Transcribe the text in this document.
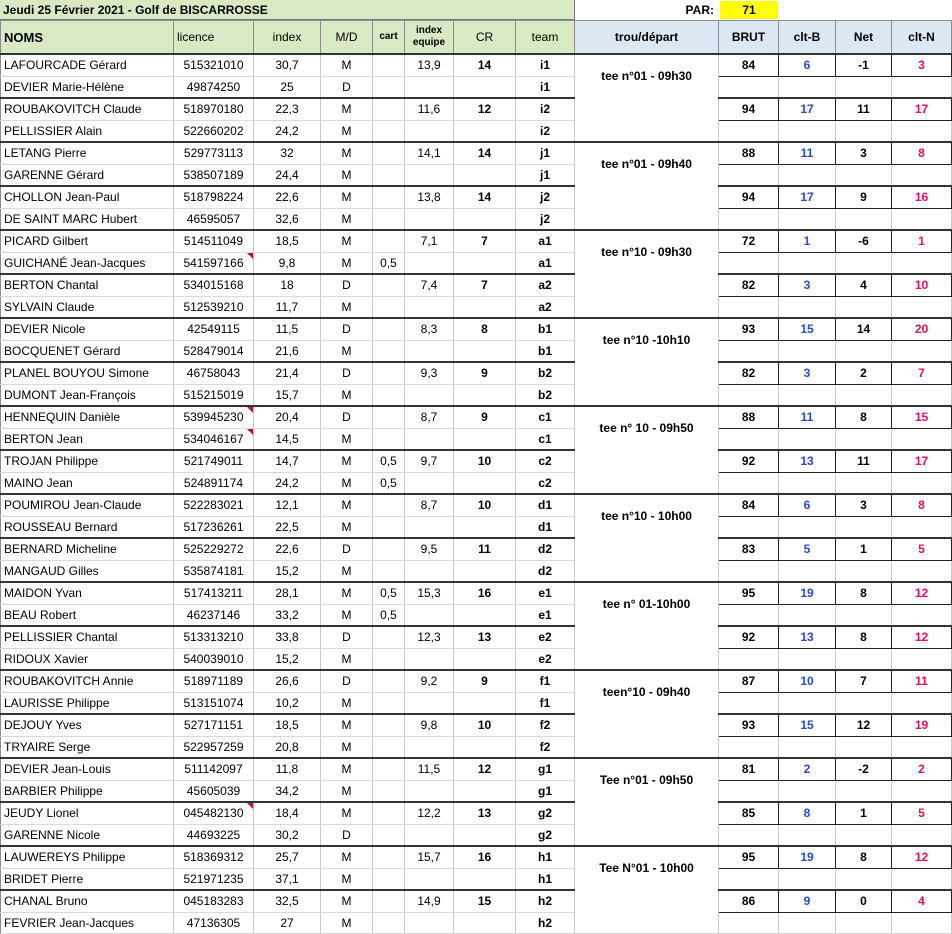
Jeudi 25 Février 2021 - Golf de BISCARROSSE	PAR:	71
NOMS	licence	index	M/D	cart	index equipe	CR	team	trou/départ	BRUT	clt-B	Net	clt-N
LAFOURCADE Gérard	515321010	30,7	M		13,9	14	i1	tee n°01 - 09h30	84	6	-1	3
DEVIER Marie-Hélène	49874250	25	D				i1					
ROUBAKOVITCH Claude	518970180	22,3	M		11,6	12	i2		94	17	11	17
PELLISSIER Alain	522660202	24,2	M				i2					
LETANG Pierre	529773113	32	M		14,1	14	j1	tee n°01 - 09h40	88	11	3	8
GARENNE Gérard	538507189	24,4	M				j1					
CHOLLON Jean-Paul	518798224	22,6	M		13,8	14	j2		94	17	9	16
DE SAINT MARC Hubert	46595057	32,6	M				j2					
PICARD Gilbert	514511049	18,5	M		7,1	7	a1	tee n°10 - 09h30	72	1	-6	1
GUICHANÉ Jean-Jacques	541597166	9,8	M	0,5			a1					
BERTON Chantal	534015168	18	D		7,4	7	a2		82	3	4	10
SYLVAIN Claude	512539210	11,7	M				a2					
DEVIER Nicole	42549115	11,5	D		8,3	8	b1	tee n°10 -10h10	93	15	14	20
BOCQUENET Gérard	528479014	21,6	M				b1					
PLANEL BOUYOU Simone	46758043	21,4	D		9,3	9	b2		82	3	2	7
DUMONT Jean-François	515215019	15,7	M				b2					
HENNEQUIN Danièle	539945230	20,4	D		8,7	9	c1	tee n° 10 - 09h50	88	11	8	15
BERTON Jean	534046167	14,5	M				c1					
TROJAN Philippe	521749011	14,7	M	0,5	9,7	10	c2		92	13	11	17
MAINO Jean	524891174	24,2	M	0,5			c2					
POUMIROU Jean-Claude	522283021	12,1	M		8,7	10	d1	tee n°10 - 10h00	84	6	3	8
ROUSSEAU Bernard	517236261	22,5	M				d1					
BERNARD Micheline	525229272	22,6	D		9,5	11	d2		83	5	1	5
MANGAUD Gilles	535874181	15,2	M				d2					
MAIDON Yvan	517413211	28,1	M	0,5	15,3	16	e1	tee n° 01-10h00	95	19	8	12
BEAU Robert	46237146	33,2	M	0,5			e1					
PELLISSIER Chantal	513313210	33,8	D		12,3	13	e2		92	13	8	12
RIDOUX Xavier	540039010	15,2	M				e2					
ROUBAKOVITCH Annie	518971189	26,6	D		9,2	9	f1	teen°10 - 09h40	87	10	7	11
LAURISSE Philippe	513151074	10,2	M				f1					
DEJOUY Yves	527171151	18,5	M		9,8	10	f2		93	15	12	19
TRYAIRE Serge	522957259	20,8	M				f2					
DEVIER Jean-Louis	511142097	11,8	M		11,5	12	g1	Tee n°01 - 09h50	81	2	-2	2
BARBIER Philippe	45605039	34,2	M				g1					
JEUDY Lionel	045482130	18,4	M		12,2	13	g2		85	8	1	5
GARENNE Nicole	44693225	30,2	D				g2					
LAUWEREYS Philippe	518369312	25,7	M		15,7	16	h1	Tee N°01 - 10h00	95	19	8	12
BRIDET Pierre	521971235	37,1	M				h1					
CHANAL Bruno	045183283	32,5	M		14,9	15	h2		86	9	0	4
FEVRIER Jean-Jacques	47136305	27	M				h2					
